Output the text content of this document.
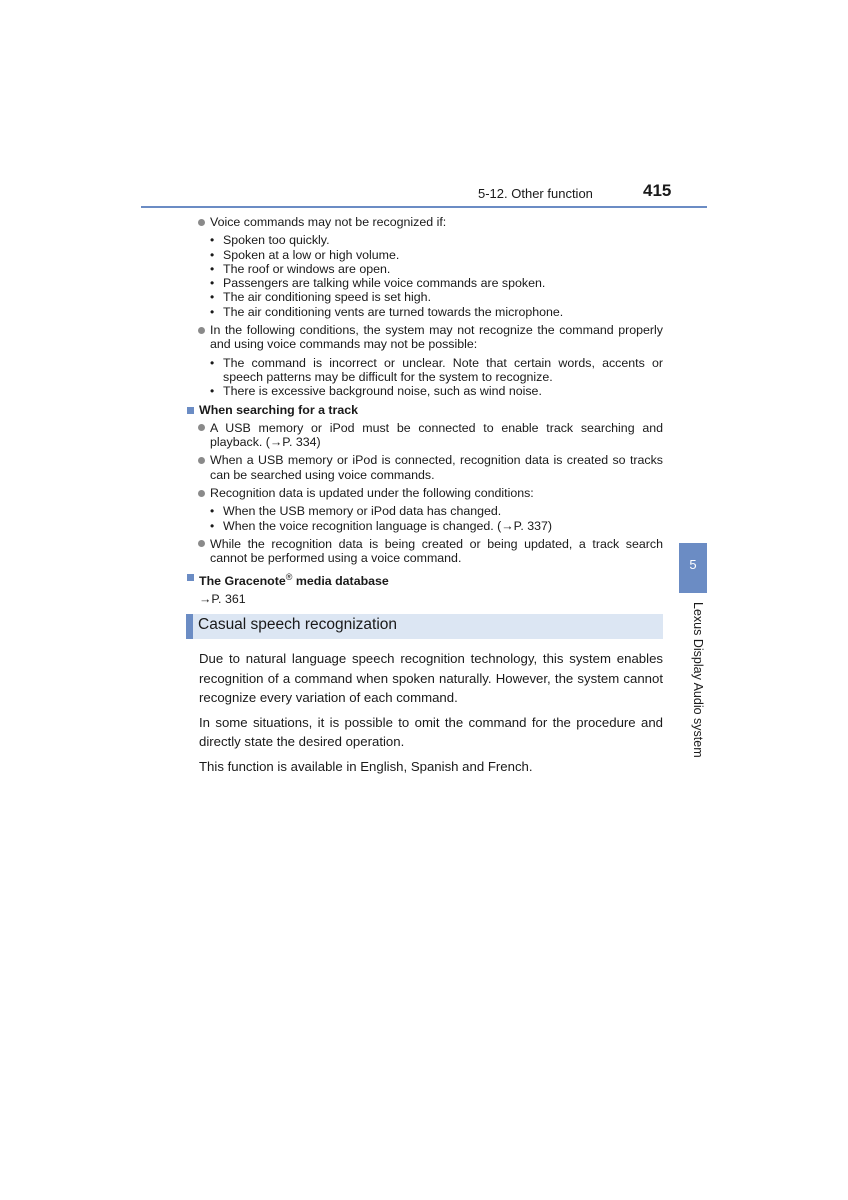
5-12. Other function	415
5
Lexus Display Audio system
Voice commands may not be recognized if:
• Spoken too quickly.
• Spoken at a low or high volume.
• The roof or windows are open.
• Passengers are talking while voice commands are spoken.
• The air conditioning speed is set high.
• The air conditioning vents are turned towards the microphone.
In the following conditions, the system may not recognize the command properly and using voice commands may not be possible:
• The command is incorrect or unclear. Note that certain words, accents or speech patterns may be difficult for the system to recognize.
• There is excessive background noise, such as wind noise.
When searching for a track
A USB memory or iPod must be connected to enable track searching and playback. (→P. 334)
When a USB memory or iPod is connected, recognition data is created so tracks can be searched using voice commands.
Recognition data is updated under the following conditions:
• When the USB memory or iPod data has changed.
• When the voice recognition language is changed. (→P. 337)
While the recognition data is being created or being updated, a track search cannot be performed using a voice command.
The Gracenote® media database
→P. 361
Casual speech recognization

Due to natural language speech recognition technology, this system enables recognition of a command when spoken naturally. However, the system cannot recognize every variation of each command.

In some situations, it is possible to omit the command for the procedure and directly state the desired operation.

This function is available in English, Spanish and French.
